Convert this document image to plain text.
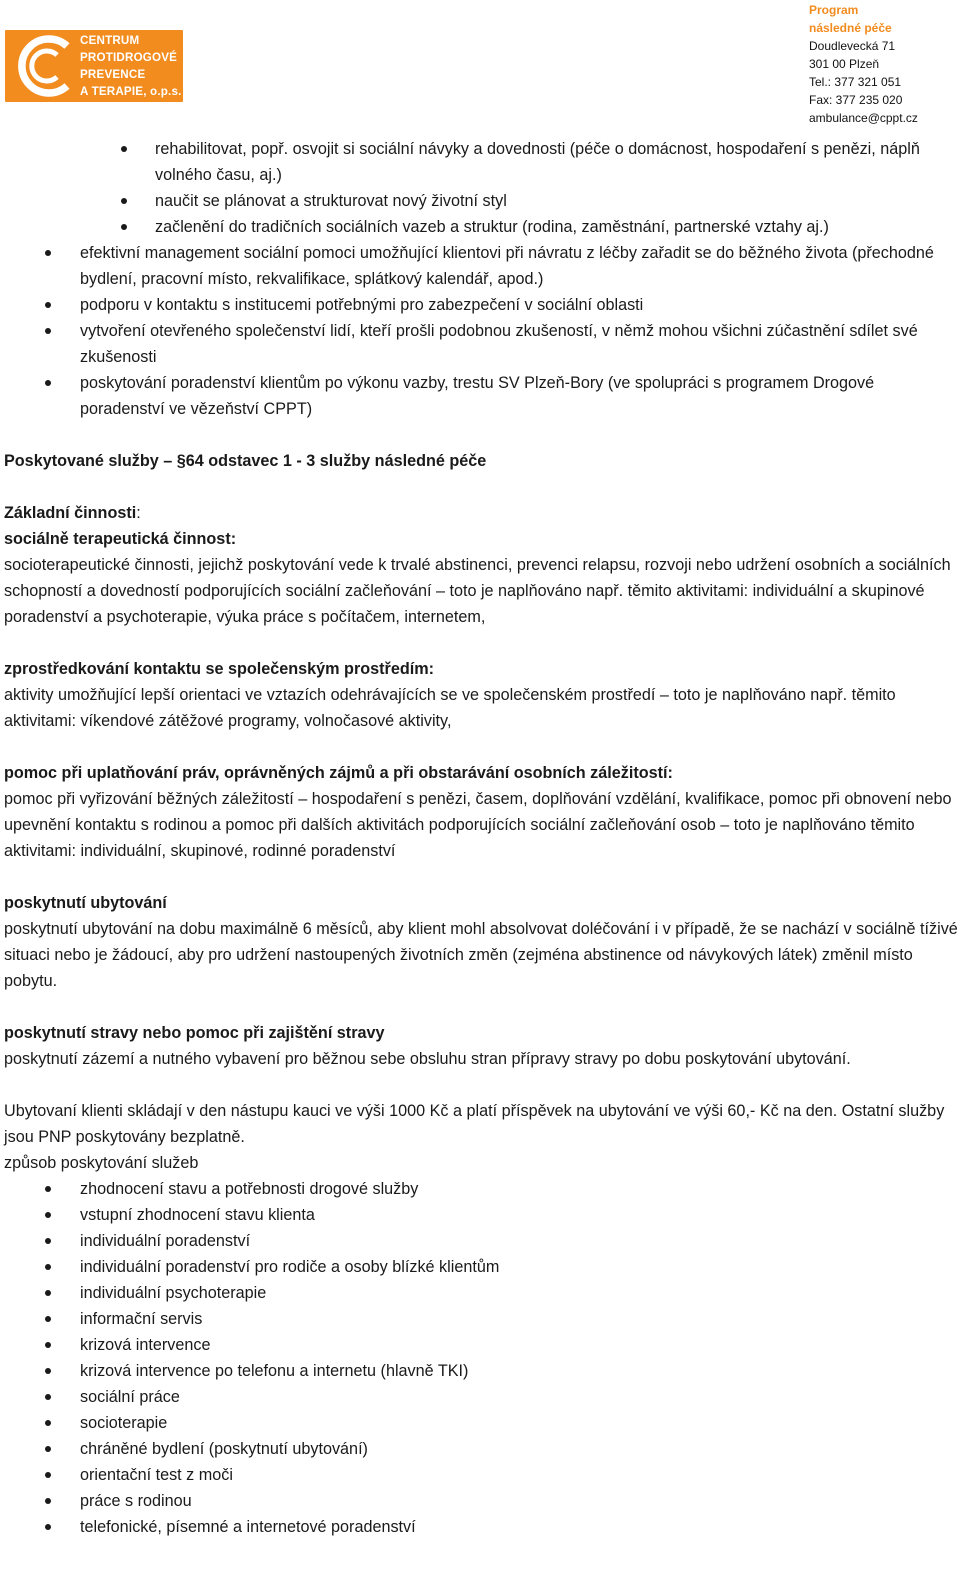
CENTRUM
PROTIDROGOVÉ
PREVENCE
A TERAPIE, o.p.s.
Program
následné péče
Doudlevecká 71
301 00 Plzeň
Tel.: 377 321 051
Fax: 377 235 020
ambulance@cppt.cz
rehabilitovat, popř. osvojit si sociální návyky a dovednosti (péče o domácnost, hospodaření s penězi, náplň volného času, aj.)
naučit se plánovat a strukturovat nový životní styl
začlenění do tradičních sociálních vazeb a struktur (rodina, zaměstnání, partnerské vztahy aj.)
efektivní management sociální pomoci umožňující klientovi při návratu z léčby zařadit se do běžného života (přechodné bydlení, pracovní místo, rekvalifikace, splátkový kalendář, apod.)
podporu v kontaktu s institucemi potřebnými pro zabezpečení v sociální oblasti
vytvoření otevřeného společenství lidí, kteří prošli podobnou zkušeností, v němž mohou všichni zúčastnění sdílet své zkušenosti
poskytování poradenství klientům po výkonu vazby, trestu SV Plzeň-Bory (ve spolupráci s programem Drogové poradenství ve vězeňství CPPT)

Poskytované služby – §64 odstavec 1 - 3 služby následné péče

Základní činnosti:

sociálně terapeutická činnost:

socioterapeutické činnosti, jejichž poskytování vede k trvalé abstinenci, prevenci relapsu, rozvoji nebo udržení osobních a sociálních schopností a dovedností podporujících sociální začleňování – toto je naplňováno např. těmito aktivitami: individuální a skupinové poradenství a psychoterapie, výuka práce s počítačem, internetem,

zprostředkování kontaktu se společenským prostředím:

aktivity umožňující lepší orientaci ve vztazích odehrávajících se ve společenském prostředí – toto je naplňováno např. těmito aktivitami: víkendové zátěžové programy, volnočasové aktivity,

pomoc při uplatňování práv, oprávněných zájmů a při obstarávání osobních záležitostí:

pomoc při vyřizování běžných záležitostí – hospodaření s penězi, časem, doplňování vzdělání, kvalifikace, pomoc při obnovení nebo upevnění kontaktu s rodinou a pomoc při dalších aktivitách podporujících sociální začleňování osob – toto je naplňováno těmito aktivitami: individuální, skupinové, rodinné poradenství

poskytnutí ubytování

poskytnutí ubytování na dobu maximálně 6 měsíců, aby klient mohl absolvovat doléčování i v případě, že se nachází v sociálně tíživé situaci nebo je žádoucí, aby pro udržení nastoupených životních změn (zejména abstinence od návykových látek) změnil místo pobytu.

poskytnutí stravy nebo pomoc při zajištění stravy

poskytnutí zázemí a nutného vybavení pro běžnou sebe obsluhu stran přípravy stravy po dobu poskytování ubytování.

Ubytovaní klienti skládají v den nástupu kauci ve výši 1000 Kč a platí příspěvek na ubytování ve výši 60,- Kč na den. Ostatní služby jsou PNP poskytovány bezplatně.

způsob poskytování služeb

zhodnocení stavu a potřebnosti drogové služby
vstupní zhodnocení stavu klienta
individuální poradenství
individuální poradenství pro rodiče a osoby blízké klientům
individuální psychoterapie
informační servis
krizová intervence
krizová intervence po telefonu a internetu (hlavně TKI)
sociální práce
socioterapie
chráněné bydlení (poskytnutí ubytování)
orientační test z moči
práce s rodinou
telefonické, písemné a internetové poradenství
